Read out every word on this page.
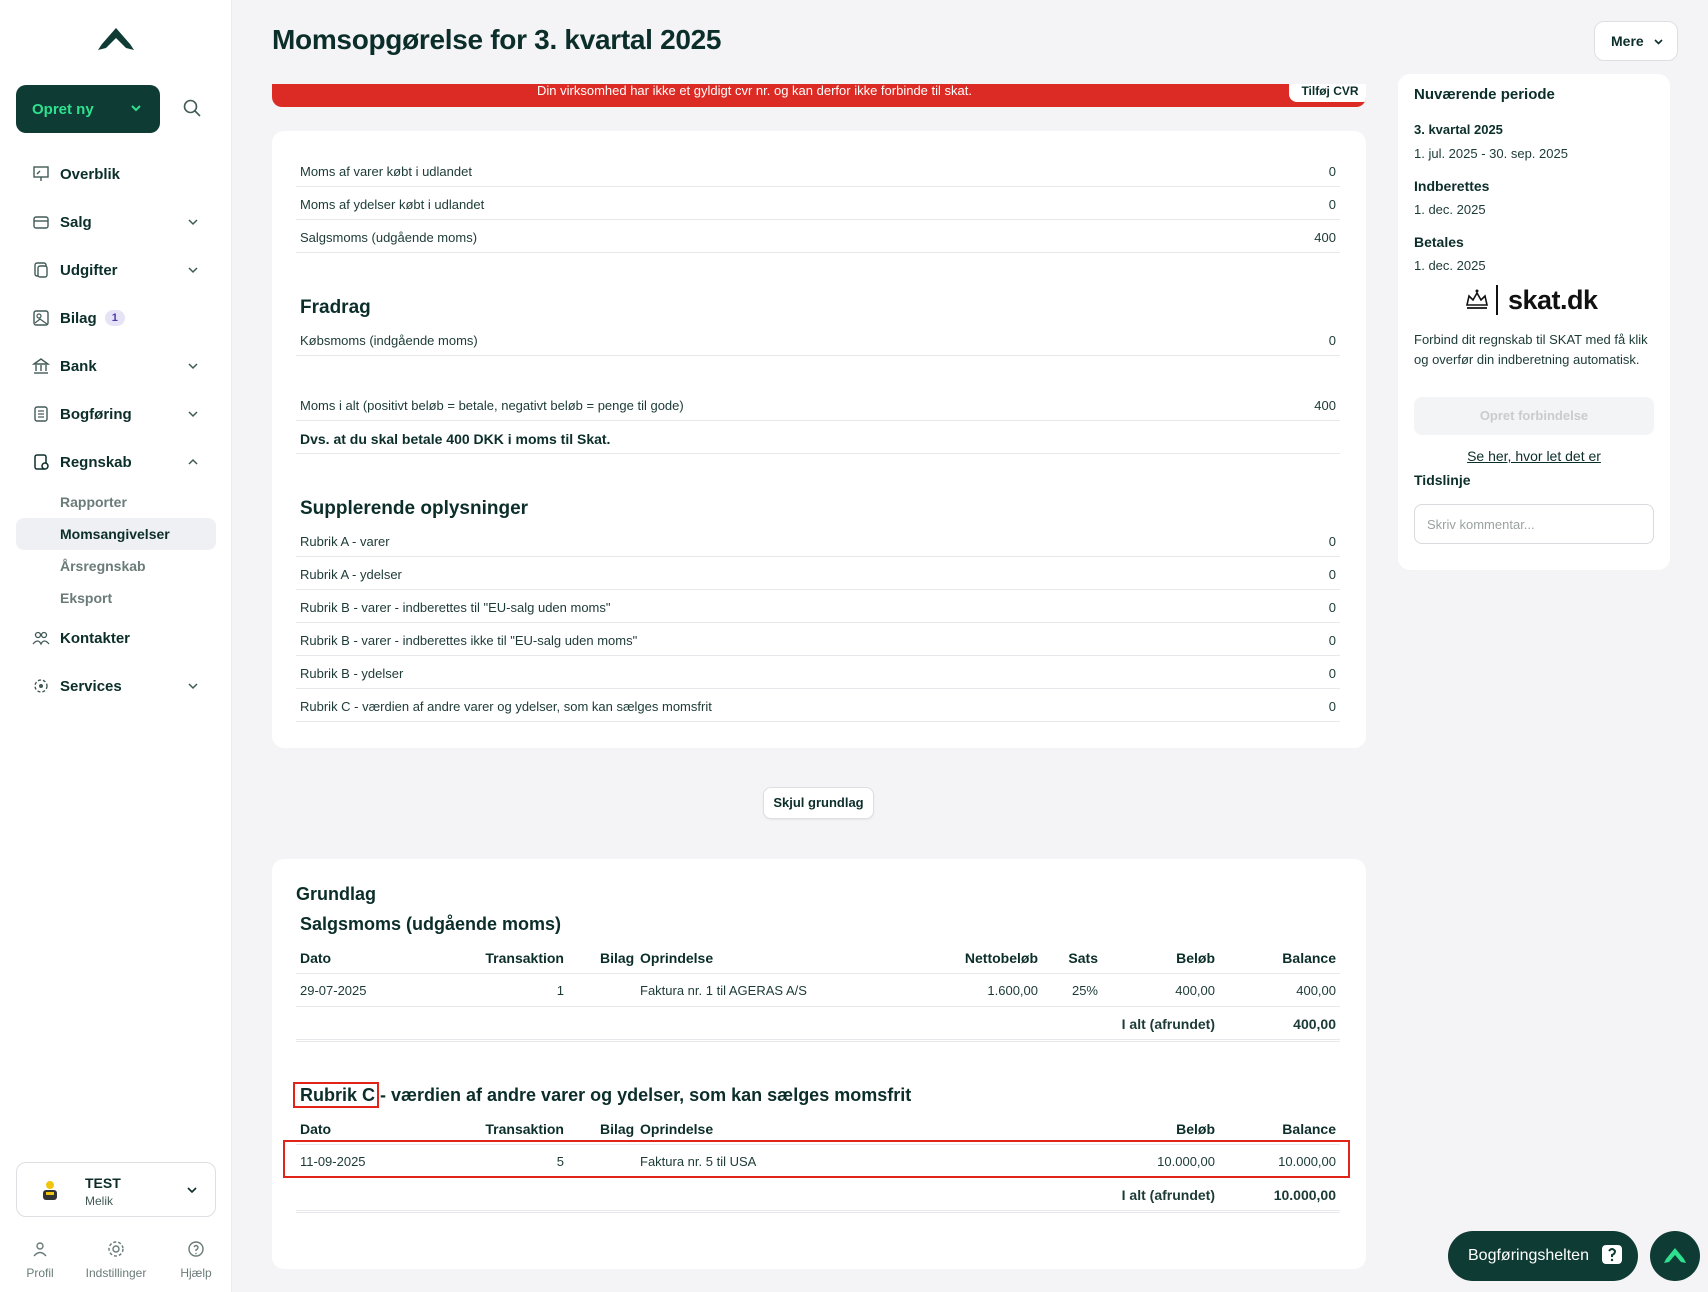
Opret ny
Overblik
Salg
Udgifter
Bilag	1
Bank
Bogføring
Regnskab
Rapporter
Momsangivelser
Årsregnskab
Eksport
Kontakter
Services
TEST
Melik
Profil	Indstillinger	Hjælp
Momsopgørelse for 3. kvartal 2025	Mere
Din virksomhed har ikke et gyldigt cvr nr. og kan derfor ikke forbinde til skat.	Tilføj CVR
Moms af varer købt i udlandet	0
Moms af ydelser købt i udlandet	0
Salgsmoms (udgående moms)	400
Fradrag
Købsmoms (indgående moms)	0
Moms i alt (positivt beløb = betale, negativt beløb = penge til gode)	400
Dvs. at du skal betale 400 DKK i moms til Skat.
Supplerende oplysninger
Rubrik A - varer	0
Rubrik A - ydelser	0
Rubrik B - varer - indberettes til "EU-salg uden moms"	0
Rubrik B - varer - indberettes ikke til "EU-salg uden moms"	0
Rubrik B - ydelser	0
Rubrik C - værdien af andre varer og ydelser, som kan sælges momsfrit	0
Skjul grundlag
Grundlag
Salgsmoms (udgående moms)
Dato	Transaktion	Bilag Oprindelse	Nettobeløb Sats	Beløb	Balance
29-07-2025	1	Faktura nr. 1 til AGERAS A/S	1.600,00	25%	400,00	400,00
I alt (afrundet)	400,00
Rubrik C - værdien af andre varer og ydelser, som kan sælges momsfrit
Dato	Transaktion	Bilag Oprindelse	Beløb	Balance
11-09-2025	5	Faktura nr. 5 til USA	10.000,00	10.000,00
I alt (afrundet)	10.000,00
Nuværende periode
3. kvartal 2025
1. jul. 2025 - 30. sep. 2025
Indberettes
1. dec. 2025
Betales
1. dec. 2025
skat.dk
Forbind dit regnskab til SKAT med få klik og overfør din indberetning automatisk.
Opret forbindelse
Se her, hvor let det er
Tidslinje
Skriv kommentar...
Bogføringshelten
